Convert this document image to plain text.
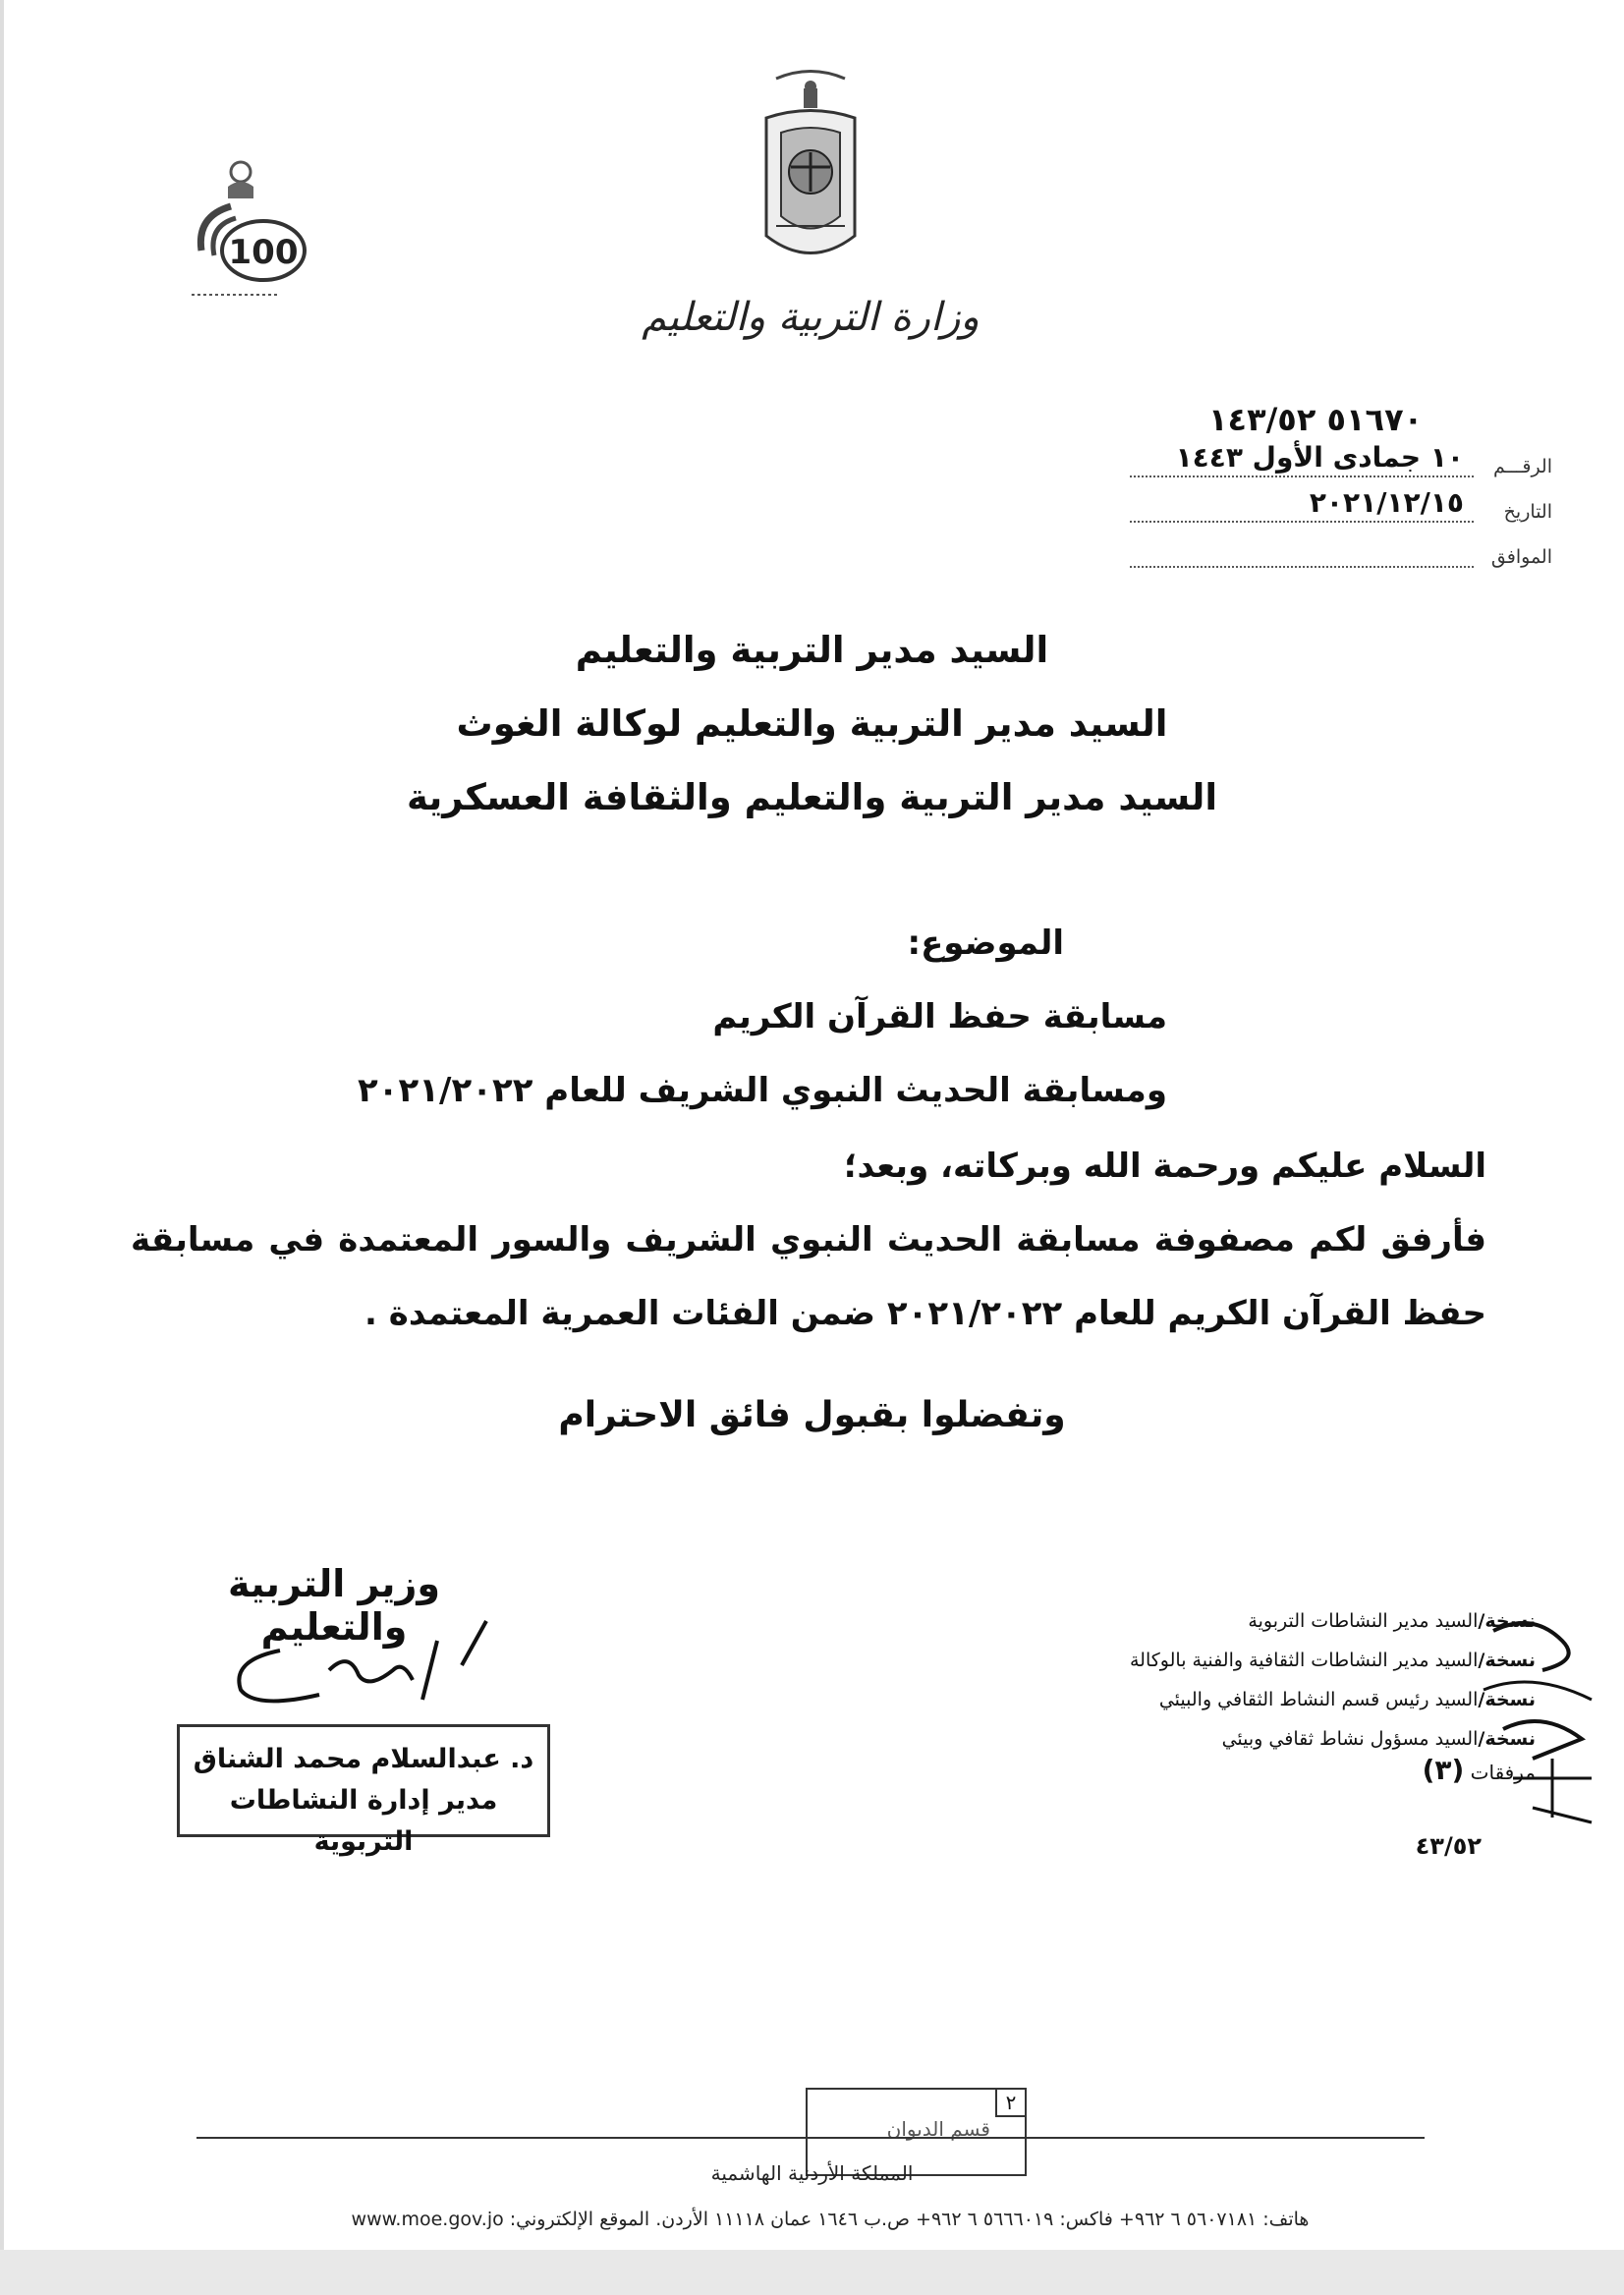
وزارة التربية والتعليم
100
٥١٦٧٠ ١٤٣/٥٢
الرقـــم
١٠ جمادى الأول ١٤٤٣
التاريخ
٢٠٢١/١٢/١٥
الموافق
السيد مدير التربية والتعليم
السيد مدير التربية والتعليم لوكالة الغوث
السيد مدير التربية والتعليم والثقافة العسكرية
الموضوع:
مسابقة حفظ القرآن الكريم
ومسابقة الحديث النبوي الشريف للعام ٢٠٢١/٢٠٢٢
السلام عليكم ورحمة الله وبركاته، وبعد؛
فأرفق لكم مصفوفة مسابقة الحديث النبوي الشريف والسور المعتمدة في مسابقة حفظ القرآن الكريم للعام ٢٠٢١/٢٠٢٢ ضمن الفئات العمرية المعتمدة .
وتفضلوا بقبول فائق الاحترام
وزير التربية والتعليم
د. عبدالسلام محمد الشناق
مدير إدارة النشاطات التربوية
نسخة/السيد مدير النشاطات التربوية
نسخة/السيد مدير النشاطات الثقافية والفنية بالوكالة
نسخة/السيد رئيس قسم النشاط الثقافي والبيئي
نسخة/السيد مسؤول نشاط ثقافي وبيئي
مرفقات (٣)
٤٣/٥٢
٢
قسم الديوان
المملكة الأردنية الهاشمية
هاتف: ٥٦٠٧١٨١ ٦ ٩٦٢+ فاكس: ٥٦٦٦٠١٩ ٦ ٩٦٢+ ص.ب ١٦٤٦ عمان ١١١١٨ الأردن. الموقع الإلكتروني: www.moe.gov.jo
